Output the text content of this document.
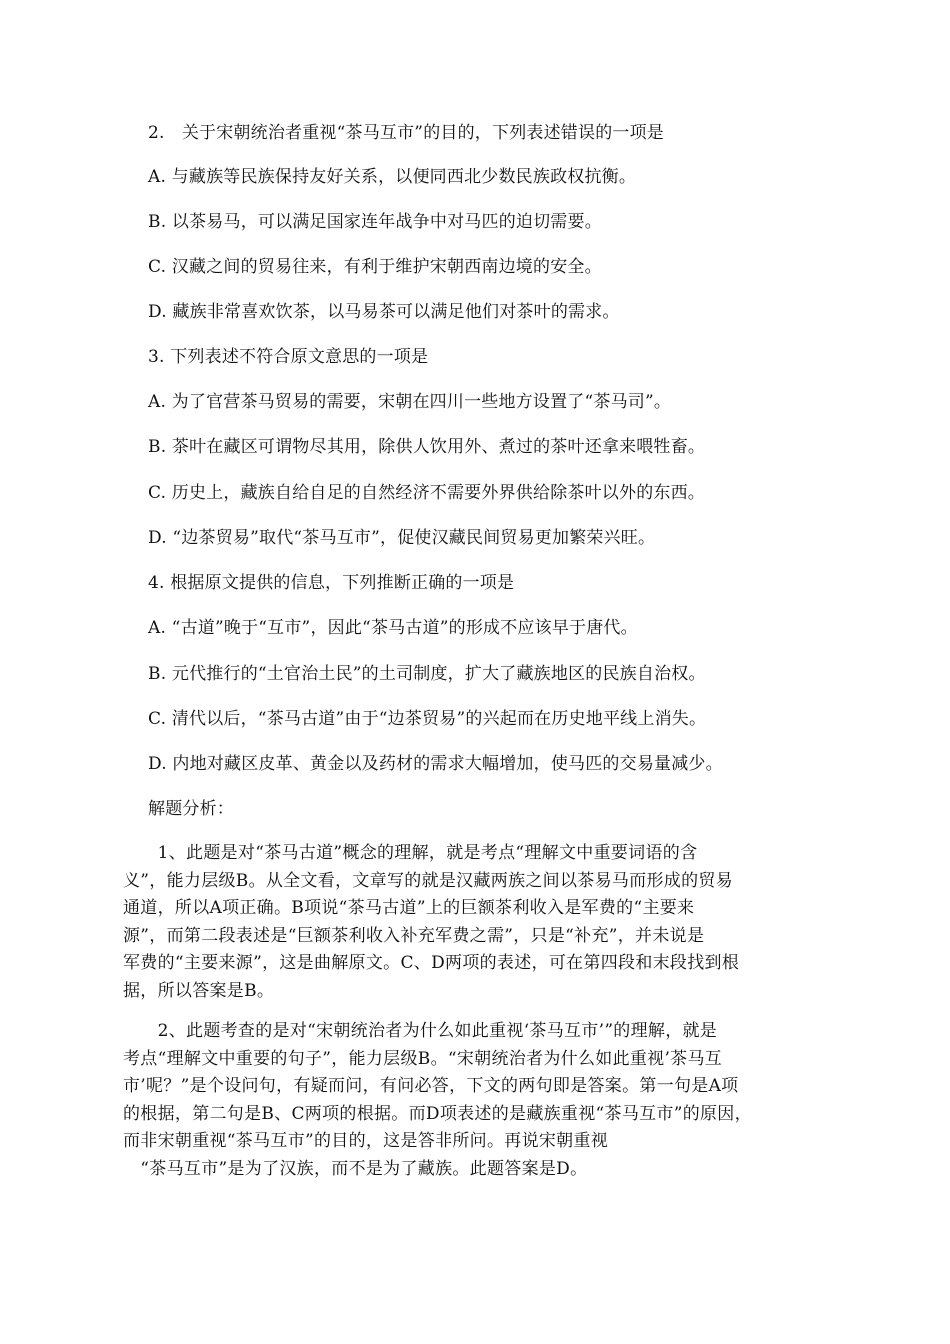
2.　关于宋朝统治者重视“茶马互市”的目的，下列表述错误的一项是
A. 与藏族等民族保持友好关系，以便同西北少数民族政权抗衡。
B. 以茶易马，可以满足国家连年战争中对马匹的迫切需要。
C. 汉藏之间的贸易往来，有利于维护宋朝西南边境的安全。
D. 藏族非常喜欢饮茶，以马易茶可以满足他们对茶叶的需求。
3. 下列表述不符合原文意思的一项是
A. 为了官营茶马贸易的需要，宋朝在四川一些地方设置了“茶马司”。
B. 茶叶在藏区可谓物尽其用，除供人饮用外、煮过的茶叶还拿来喂牲畜。
C. 历史上，藏族自给自足的自然经济不需要外界供给除茶叶以外的东西。
D. “边茶贸易”取代“茶马互市”，促使汉藏民间贸易更加繁荣兴旺。
4. 根据原文提供的信息，下列推断正确的一项是
A. “古道”晚于“互市”，因此“茶马古道”的形成不应该早于唐代。
B. 元代推行的“土官治土民”的土司制度，扩大了藏族地区的民族自治权。
C. 清代以后，“茶马古道”由于“边茶贸易”的兴起而在历史地平线上消失。
D. 内地对藏区皮革、黄金以及药材的需求大幅增加，使马匹的交易量减少。
解题分析：
　　1、此题是对“茶马古道”概念的理解，就是考点“理解文中重要词语的含
义”，能力层级B。从全文看，文章写的就是汉藏两族之间以茶易马而形成的贸易
通道，所以A项正确。B项说“茶马古道”上的巨额茶利收入是军费的“主要来
源”，而第二段表述是“巨额茶利收入补充军费之需”，只是“补充”，并未说是
军费的“主要来源”，这是曲解原文。C、D两项的表述，可在第四段和末段找到根
据，所以答案是B。
　　2、此题考查的是对“宋朝统治者为什么如此重视‘茶马互市’”的理解，就是
考点“理解文中重要的句子”，能力层级B。“宋朝统治者为什么如此重视’茶马互
市’呢？”是个设问句，有疑而问，有问必答，下文的两句即是答案。第一句是A项
的根据，第二句是B、C两项的根据。而D项表述的是藏族重视“茶马互市”的原因，
而非宋朝重视“茶马互市”的目的，这是答非所问。再说宋朝重视
　“茶马互市”是为了汉族，而不是为了藏族。此题答案是D。
